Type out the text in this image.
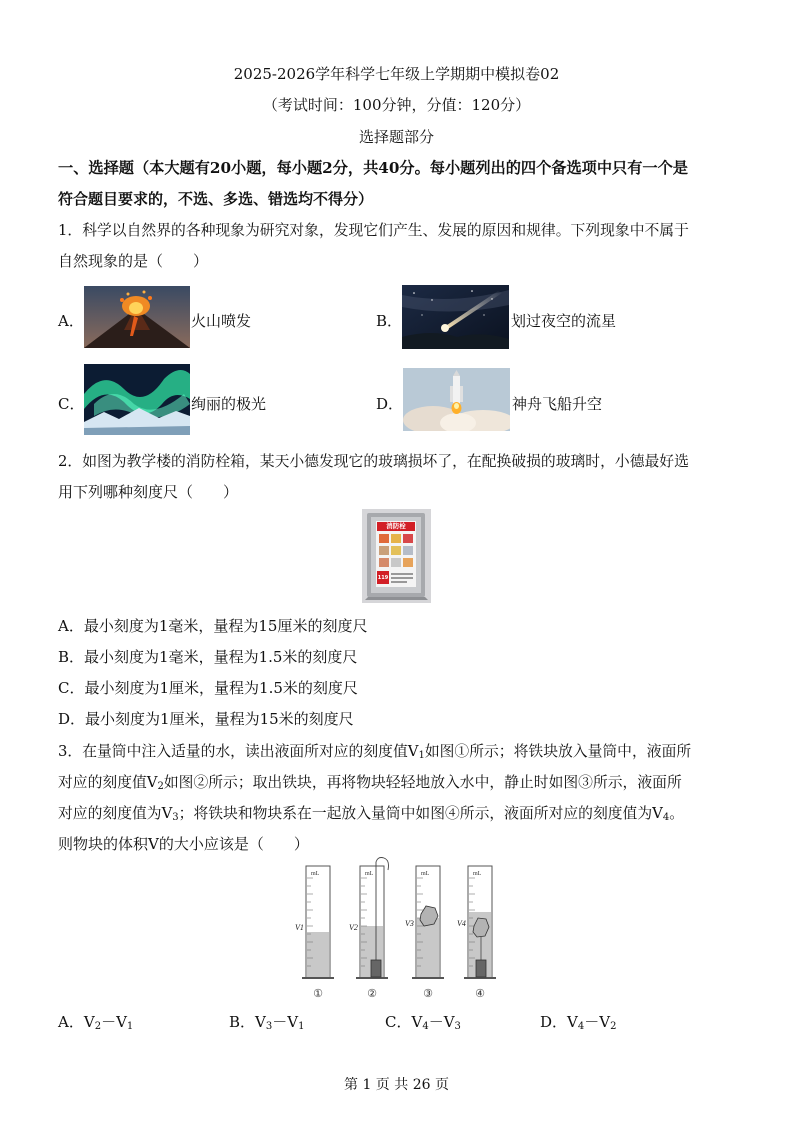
2025-2026学年科学七年级上学期期中模拟卷02
（考试时间：100分钟，分值：120分）
选择题部分
一、选择题（本大题有20小题，每小题2分，共40分。每小题列出的四个备选项中只有一个是
符合题目要求的，不选、多选、错选均不得分）
1．科学以自然界的各种现象为研究对象，发现它们产生、发展的原因和规律。下列现象中不属于
自然现象的是（　　）
A．	火山喷发	B．	划过夜空的流星
C．	绚丽的极光	D．	神舟飞船升空
2．如图为教学楼的消防栓箱，某天小德发现它的玻璃损坏了，在配换破损的玻璃时，小德最好选
用下列哪种刻度尺（　　）
消防栓
119
A．最小刻度为1毫米，量程为15厘米的刻度尺
B．最小刻度为1毫米，量程为1.5米的刻度尺
C．最小刻度为1厘米，量程为1.5米的刻度尺
D．最小刻度为1厘米，量程为15米的刻度尺
3．在量筒中注入适量的水，读出液面所对应的刻度值$V_1$如图①所示；将铁块放入量筒中，液面所
对应的刻度值$V_2$如图②所示；取出铁块，再将物块轻轻地放入水中，静止时如图③所示，液面所
对应的刻度值为$V_3$；将铁块和物块系在一起放入量筒中如图④所示，液面所对应的刻度值为$V_4$。
则物块的体积V的大小应该是（　　）
mL
V1
mL
V2
mL
V3
mL
V4
①	②	③	④
A．$V_2-V_1$	B．$V_3-V_1$	C．$V_4-V_3$	D．$V_4-V_2$
第 1 页 共 26 页
